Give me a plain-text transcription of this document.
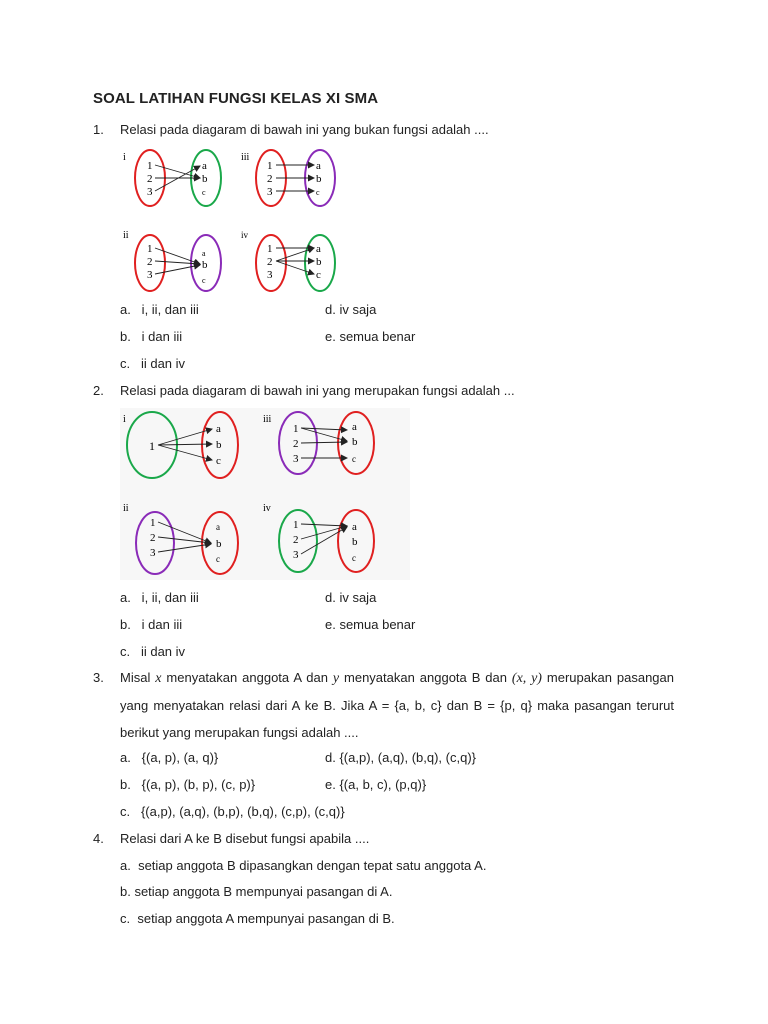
SOAL LATIHAN FUNGSI KELAS XI SMA
1. Relasi pada diagaram di bawah ini yang bukan fungsi adalah ....
i
1
2
3
a
b
c
iii
1
2
3
a
b
c
ii
1
2
3
a
b
c
iv
1
2
3
a
b
c
a.   i, ii, dan iii
b.   i dan iii
c.   ii dan iv
d. iv saja
e. semua benar
2. Relasi pada diagaram di bawah ini yang merupakan fungsi adalah ...
i
1
a
b
c
iii
1
2
3
a
b
c
ii
1
2
3
a
b
c
iv
1
2
3
a
b
c
a.   i, ii, dan iii
b.   i dan iii
c.   ii dan iv
d. iv saja
e. semua benar
3. Misal x menyatakan anggota A dan y menyatakan anggota B dan (x, y) merupakan pasangan yang menyatakan relasi dari A ke B. Jika A = {a, b, c} dan B = {p, q} maka pasangan terurut berikut yang merupakan fungsi adalah ....
a.   {(a, p), (a, q)}
b.   {(a, p), (b, p), (c, p)}
c.   {(a,p), (a,q), (b,p), (b,q), (c,p), (c,q)}
d. {(a,p), (a,q), (b,q), (c,q)}
e. {(a, b, c), (p,q)}
4. Relasi dari A ke B disebut fungsi apabila ....
a.  setiap anggota B dipasangkan dengan tepat satu anggota A.
b. setiap anggota B mempunyai pasangan di A.
c.  setiap anggota A mempunyai pasangan di B.
